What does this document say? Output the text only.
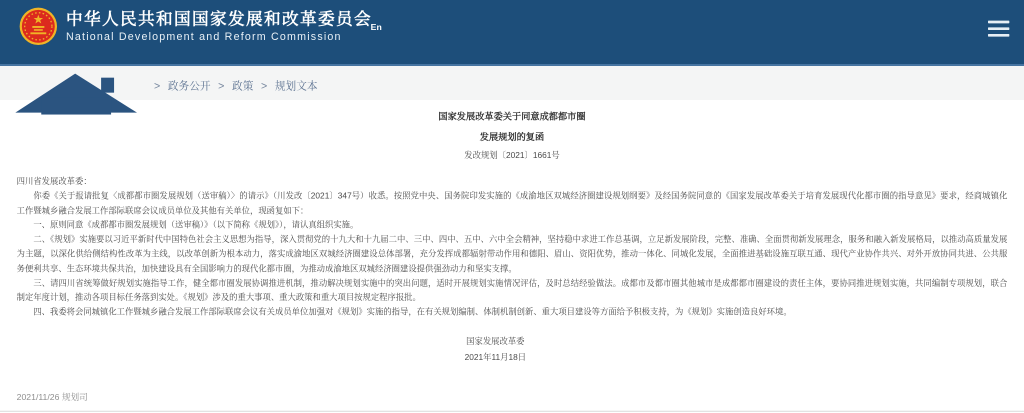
中华人民共和国国家发展和改革委员会
National Development and Reform Commission
En
> 政务公开 > 政策 > 规划文本
国家发展改革委关于同意成都都市圈
发展规划的复函
发改规划〔2021〕1661号

四川省发展改革委：

你委《关于报请批复〈成都都市圈发展规划（送审稿）〉的请示》（川发改〔2021〕347号）收悉。按照党中央、国务院印发实施的《成渝地区双城经济圈建设规划纲要》及经国务院同意的《国家发展改革委关于培育发展现代化都市圈的指导意见》要求，经商城镇化工作暨城乡融合发展工作部际联席会议成员单位及其他有关单位，现函复如下：

一、原则同意《成都都市圈发展规划（送审稿）》（以下简称《规划》），请认真组织实施。

二、《规划》实施要以习近平新时代中国特色社会主义思想为指导，深入贯彻党的十九大和十九届二中、三中、四中、五中、六中全会精神，坚持稳中求进工作总基调，立足新发展阶段，完整、准确、全面贯彻新发展理念，服务和融入新发展格局，以推动高质量发展为主题，以深化供给侧结构性改革为主线，以改革创新为根本动力，落实成渝地区双城经济圈建设总体部署，充分发挥成都辐射带动作用和德阳、眉山、资阳优势，推动一体化、同城化发展，全面推进基础设施互联互通、现代产业协作共兴、对外开放协同共进、公共服务便利共享、生态环境共保共治，加快建设具有全国影响力的现代化都市圈，为推动成渝地区双城经济圈建设提供强劲动力和坚实支撑。

三、请四川省统筹做好规划实施指导工作，健全都市圈发展协调推进机制，推动解决规划实施中的突出问题，适时开展规划实施情况评估，及时总结经验做法。成都市及都市圈其他城市是成都都市圈建设的责任主体，要协同推进规划实施，共同编制专项规划，联合制定年度计划，推动各项目标任务落到实处。《规划》涉及的重大事项、重大政策和重大项目按规定程序报批。

四、我委将会同城镇化工作暨城乡融合发展工作部际联席会议有关成员单位加强对《规划》实施的指导，在有关规划编制、体制机制创新、重大项目建设等方面给予积极支持，为《规划》实施创造良好环境。

国家发展改革委
2021年11月18日
2021/11/26 规划司
